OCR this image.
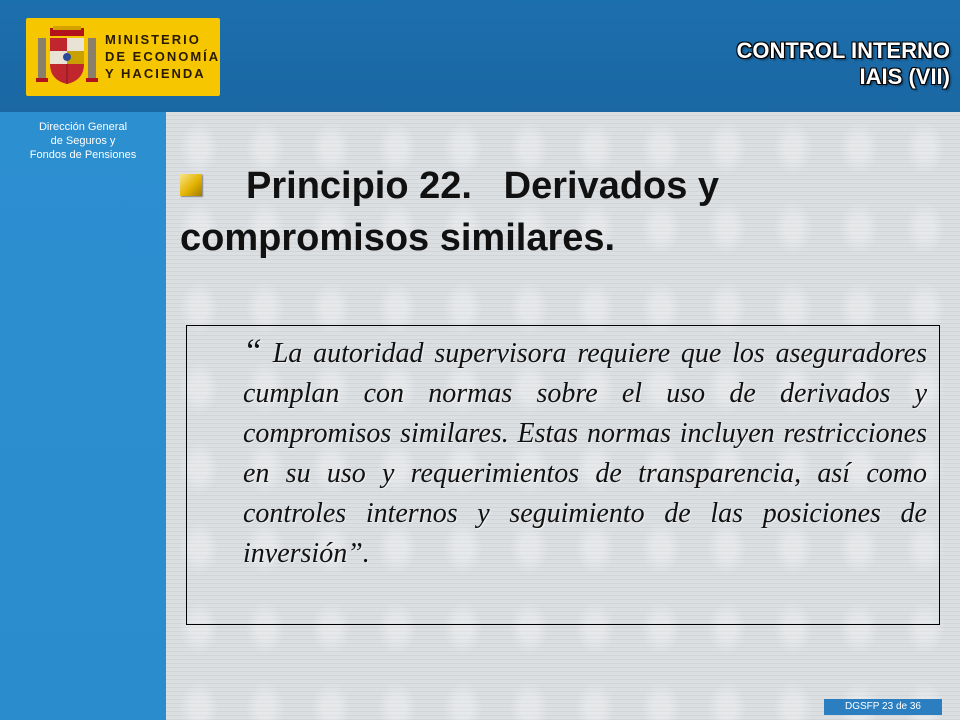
MINISTERIO
DE ECONOMÍA
Y HACIENDA
CONTROL INTERNO
IAIS (VII)
Dirección General
de Seguros y
Fondos de Pensiones
Principio 22.   Derivados y compromisos similares.
“ La autoridad supervisora requiere que los aseguradores cumplan con normas sobre el uso de derivados y compromisos similares. Estas normas incluyen restricciones en su uso y requerimientos de transparencia, así como controles internos y seguimiento de las posiciones de inversión”.
DGSFP 23 de 36
